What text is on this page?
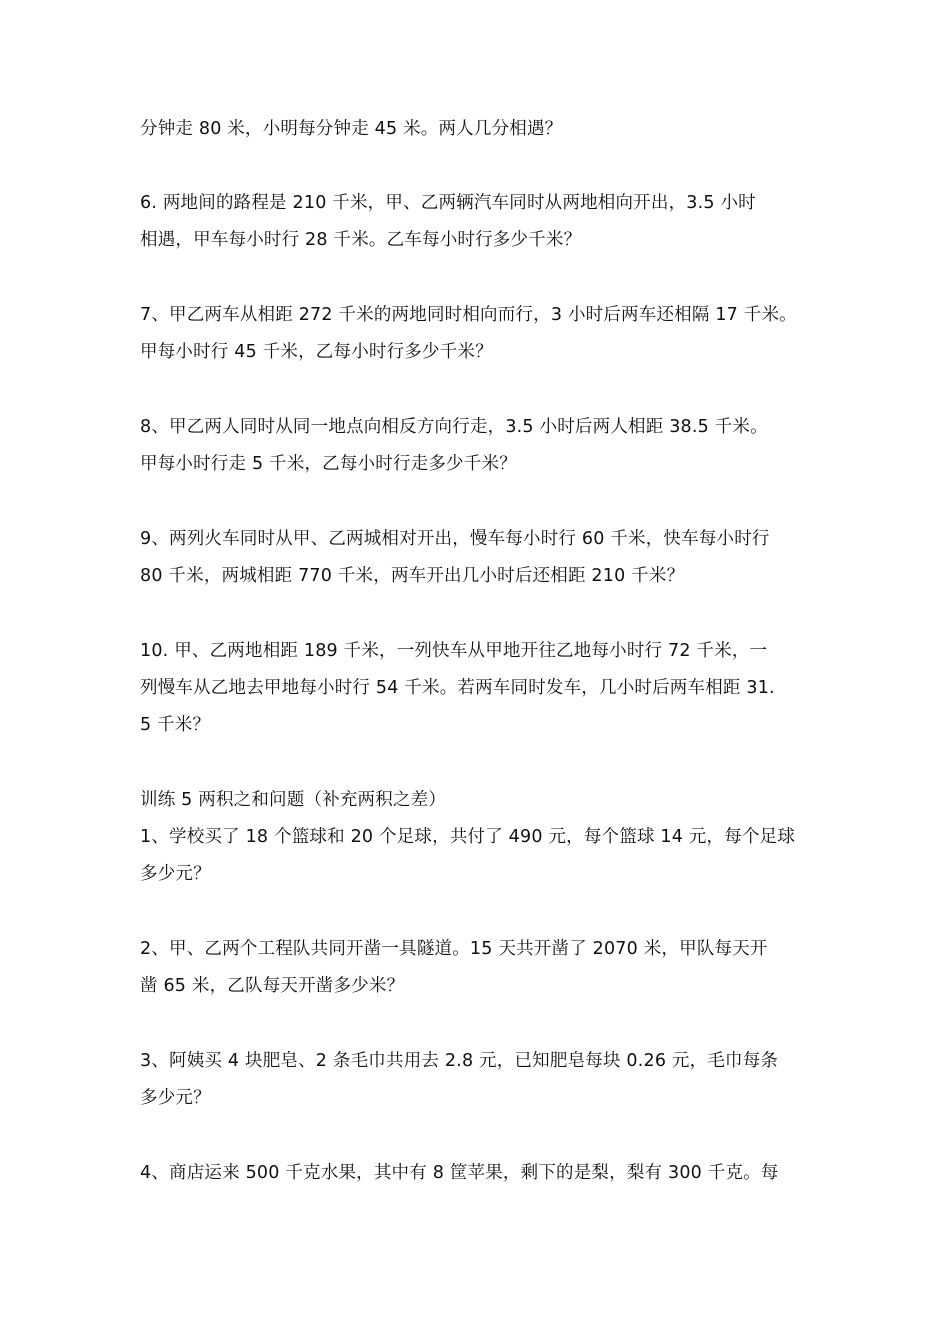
分钟走 80 米，小明每分钟走 45 米。两人几分相遇？
6. 两地间的路程是 210 千米，甲、乙两辆汽车同时从两地相向开出，3.5 小时
相遇，甲车每小时行 28 千米。乙车每小时行多少千米？
7、甲乙两车从相距 272 千米的两地同时相向而行，3 小时后两车还相隔 17 千米。
甲每小时行 45 千米，乙每小时行多少千米？
8、甲乙两人同时从同一地点向相反方向行走，3.5 小时后两人相距 38.5 千米。
甲每小时行走 5 千米，乙每小时行走多少千米？
9、两列火车同时从甲、乙两城相对开出，慢车每小时行 60 千米，快车每小时行
80 千米，两城相距 770 千米，两车开出几小时后还相距 210 千米？
10. 甲、乙两地相距 189 千米，一列快车从甲地开往乙地每小时行 72 千米，一
列慢车从乙地去甲地每小时行 54 千米。若两车同时发车，几小时后两车相距 31.
5 千米？
训练 5 两积之和问题（补充两积之差）
1、学校买了 18 个篮球和 20 个足球，共付了 490 元，每个篮球 14 元，每个足球
多少元？
2、甲、乙两个工程队共同开凿一具隧道。15 天共开凿了 2070 米，甲队每天开
凿 65 米，乙队每天开凿多少米？
3、阿姨买 4 块肥皂、2 条毛巾共用去 2.8 元，已知肥皂每块 0.26 元，毛巾每条
多少元？
4、商店运来 500 千克水果，其中有 8 筐苹果，剩下的是梨，梨有 300 千克。每
